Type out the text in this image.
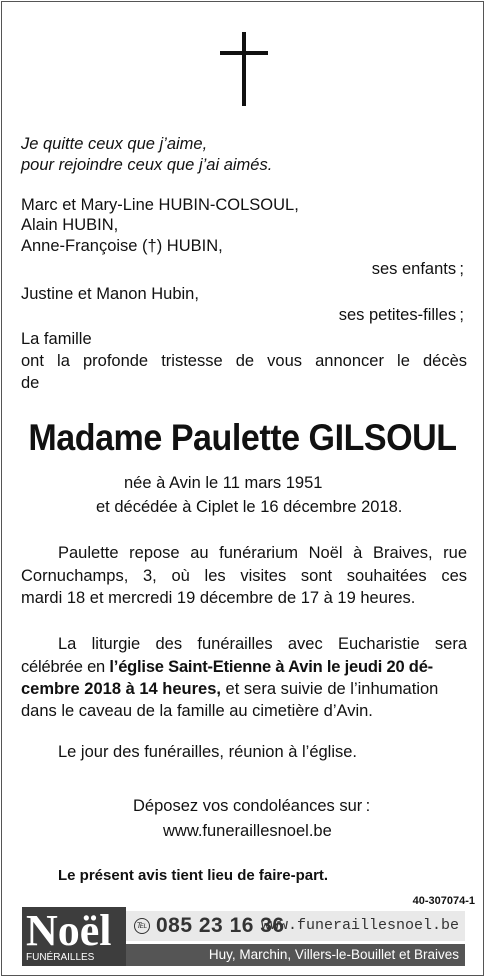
Je quitte ceux que j’aime,
pour rejoindre ceux que j’ai aimés.
Marc et Mary-Line HUBIN-COLSOUL,
Alain HUBIN,
Anne-Françoise (†) HUBIN,
ses enfants ;
Justine et Manon Hubin,
ses petites-filles ;
La famille
ont la profonde tristesse de vous annoncer le décès
de
Madame Paulette GILSOUL
née à Avin le 11 mars 1951
et décédée à Ciplet le 16 décembre 2018.
Paulette repose au funérarium Noël à Braives, rue
Cornuchamps, 3, où les visites sont souhaitées ces
mardi 18 et mercredi 19 décembre de 17 à 19 heures.
La liturgie des funérailles avec Eucharistie sera
célébrée en l’église Saint-Etienne à Avin le jeudi 20 dé-
cembre 2018 à 14 heures, et sera suivie de l’inhumation
dans le caveau de la famille au cimetière d’Avin.
Le jour des funérailles, réunion à l’église.
Déposez vos condoléances sur :
www.funeraillesnoel.be
Le présent avis tient lieu de faire-part.
40-307074-1
Noël
FUNÉRAILLES
℡ 085 23 16 36
www.funeraillesnoel.be
Huy, Marchin, Villers-le-Bouillet et Braives
